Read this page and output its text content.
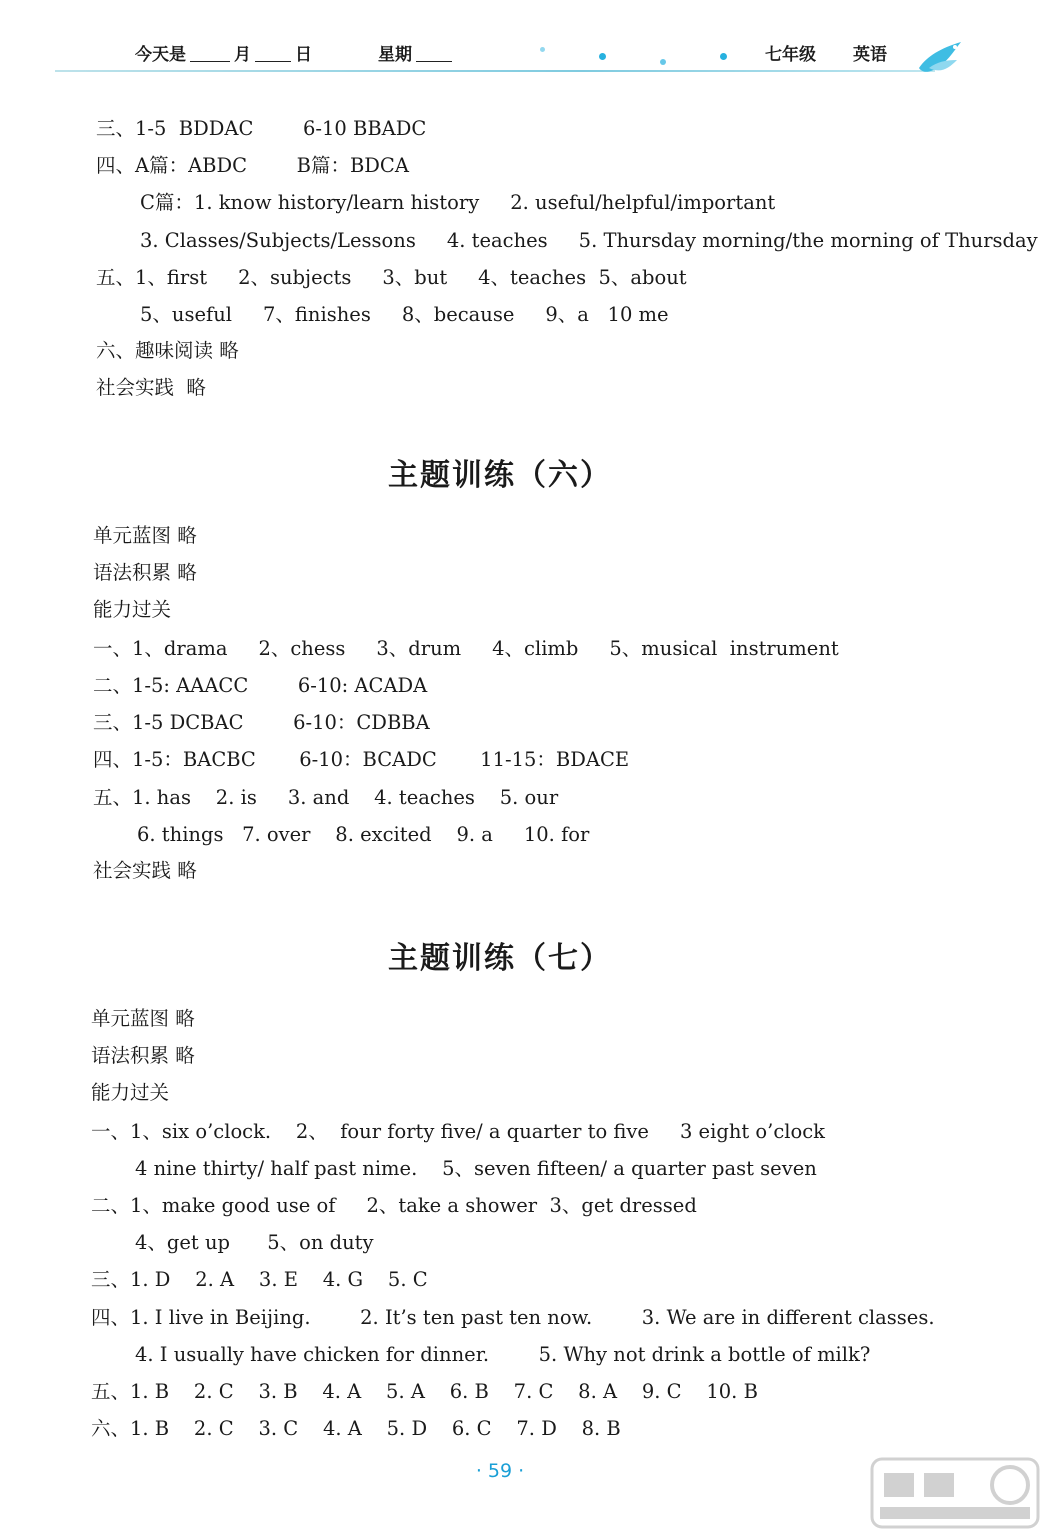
今天是	月	日	星期	七年级 英语
三、1-5  BDDAC        6-10 BBADC
四、A篇：ABDC        B篇：BDCA
C篇：1. know history/learn history     2. useful/helpful/important
3. Classes/Subjects/Lessons     4. teaches     5. Thursday morning/the morning of Thursday
五、1、first     2、subjects     3、but     4、teaches  5、about
5、useful     7、finishes     8、because     9、a   10 me
六、趣味阅读 略
社会实践  略
主题训练（六）
单元蓝图 略
语法积累 略
能力过关
一、1、drama     2、chess     3、drum     4、climb     5、musical  instrument
二、1-5: AAACC        6-10: ACADA
三、1-5 DCBAC        6-10：CDBBA
四、1-5：BACBC       6-10：BCADC       11-15：BDACE
五、1. has    2. is     3. and    4. teaches    5. our
6. things   7. over    8. excited    9. a     10. for
社会实践 略
主题训练（七）
单元蓝图 略
语法积累 略
能力过关
一、1、six o’clock.    2、  four forty five/ a quarter to five     3 eight o’clock
4 nine thirty/ half past nime.    5、seven fifteen/ a quarter past seven
二、1、make good use of     2、take a shower  3、get dressed
4、get up      5、on duty
三、1. D    2. A    3. E    4. G    5. C
四、1. I live in Beijing.        2. It’s ten past ten now.        3. We are in different classes.
4. I usually have chicken for dinner.        5. Why not drink a bottle of milk?
五、1. B    2. C    3. B    4. A    5. A    6. B    7. C    8. A    9. C    10. B
六、1. B    2. C    3. C    4. A    5. D    6. C    7. D    8. B
· 59 ·
